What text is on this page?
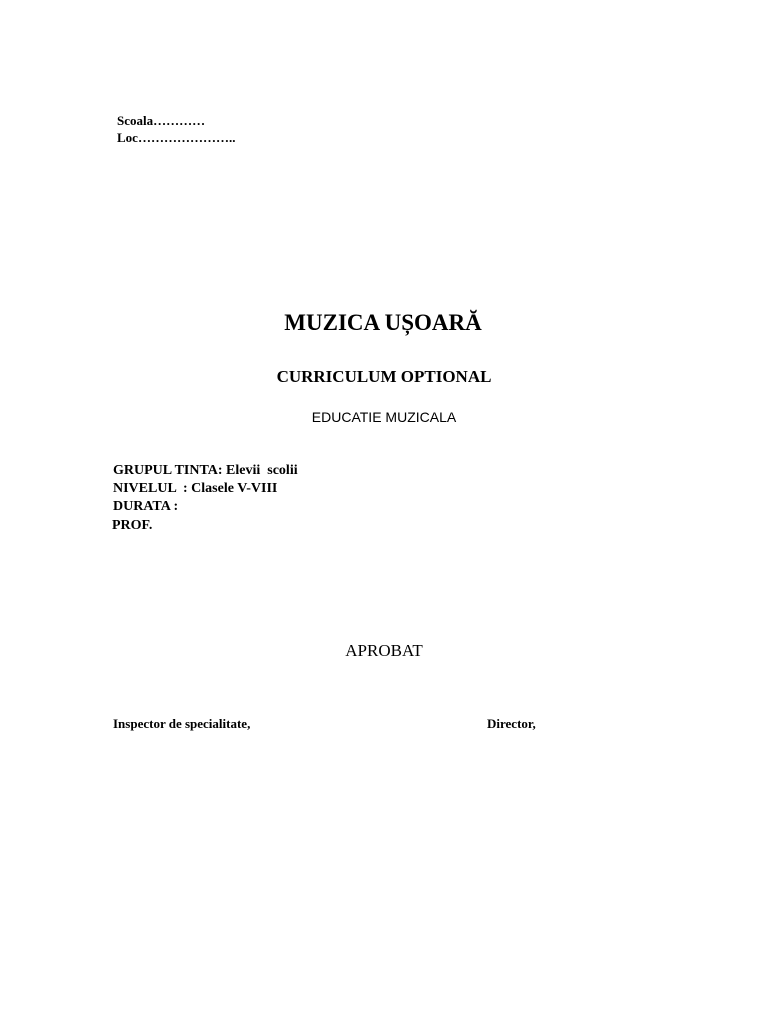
Scoala…………
Loc…………………..
MUZICA UȘOARĂ
CURRICULUM OPTIONAL
EDUCATIE MUZICALA
GRUPUL TINTA: Elevii  scolii
NIVELUL  : Clasele V-VIII
DURATA :
PROF.
APROBAT
Inspector de specialitate,	Director,
